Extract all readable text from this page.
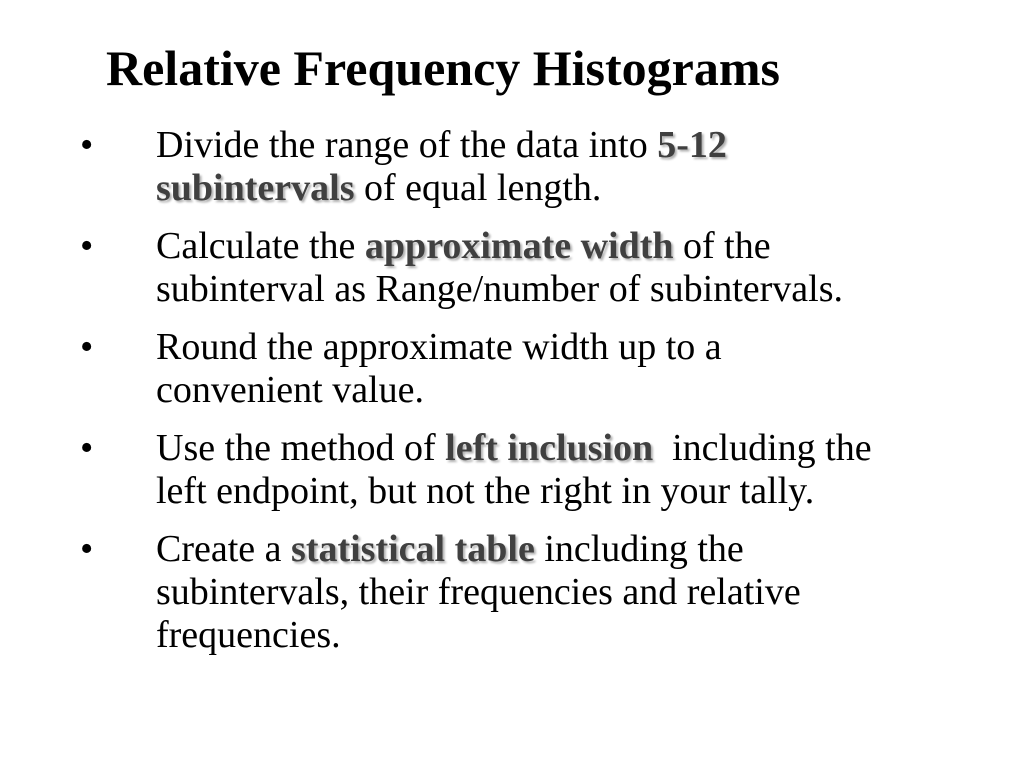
Relative Frequency Histograms
• Divide the range of the data into 5-12
subintervals of equal length.
• Calculate the approximate width of the
subinterval as Range/number of subintervals.
• Round the approximate width up to a
convenient value.
• Use the method of left inclusion  including the
left endpoint, but not the right in your tally.
• Create a statistical table including the
subintervals, their frequencies and relative
frequencies.
